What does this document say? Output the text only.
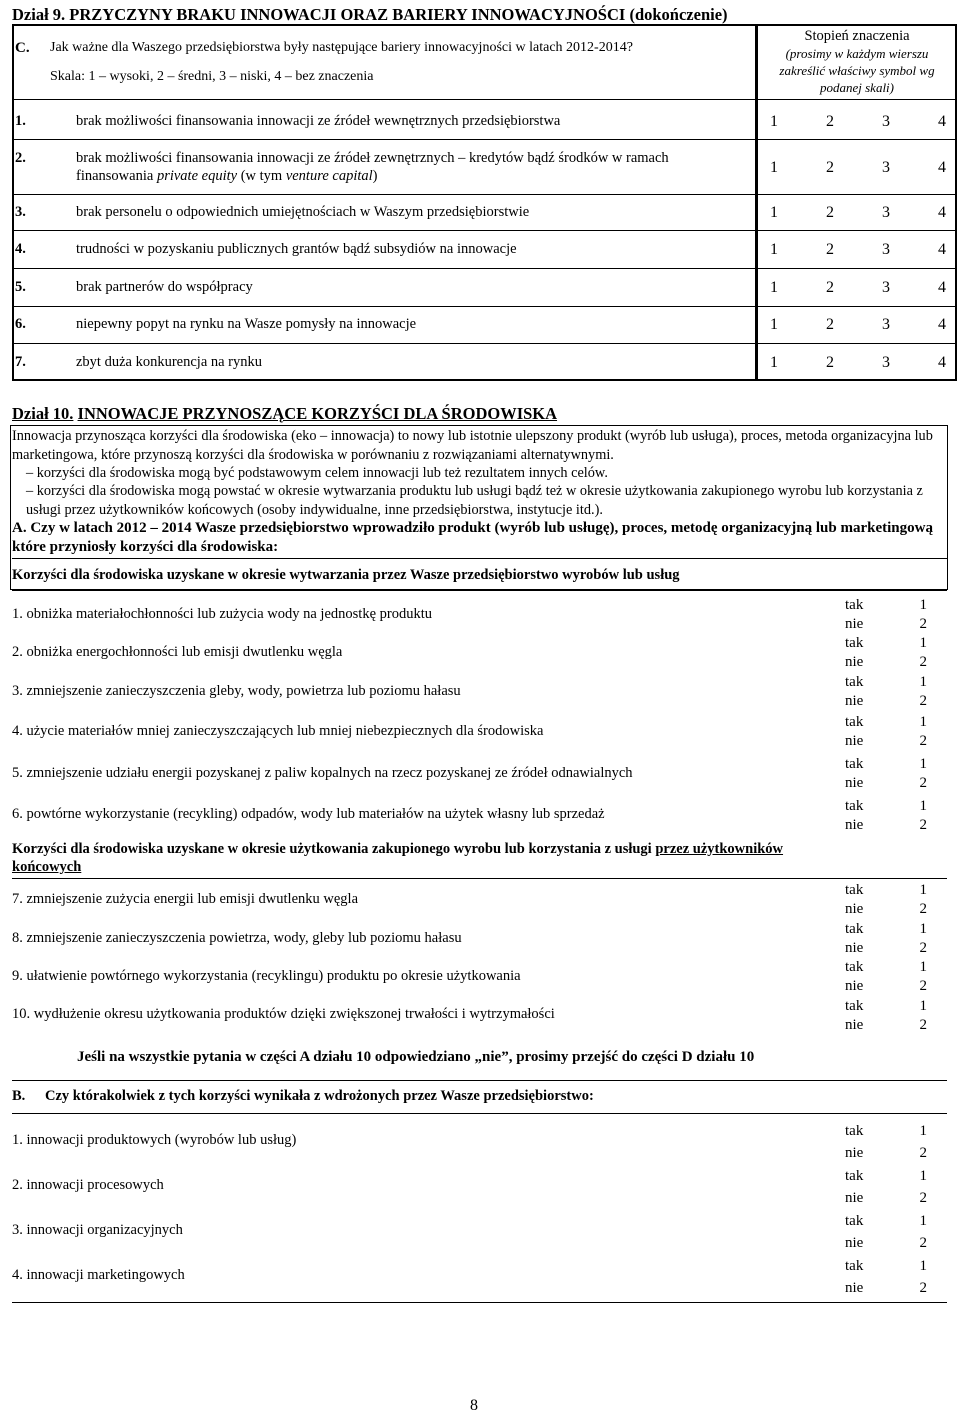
Dział 9. PRZYCZYNY BRAKU INNOWACJI ORAZ BARIERY INNOWACYJNOŚCI (dokończenie)
C. Jak ważne dla Waszego przedsiębiorstwa były następujące bariery innowacyjności w latach 2012-2014?
Skala: 1 – wysoki, 2 – średni, 3 – niski, 4 – bez znaczenia
Stopień znaczenia
(prosimy w każdym wierszu zakreślić właściwy symbol wg podanej skali)
1.	brak możliwości finansowania innowacji ze źródeł wewnętrznych przedsiębiorstwa	1	2	3	4
2.	brak możliwości finansowania innowacji ze źródeł zewnętrznych – kredytów bądź środków w ramach
finansowania private equity (w tym venture capital)	1	2	3	4
3.	brak personelu o odpowiednich umiejętnościach w Waszym przedsiębiorstwie	1	2	3	4
4.	trudności w pozyskaniu publicznych grantów bądź subsydiów na innowacje	1	2	3	4
5.	brak partnerów do współpracy	1	2	3	4
6.	niepewny popyt na rynku na Wasze pomysły na innowacje	1	2	3	4
7.	zbyt duża konkurencja na rynku	1	2	3	4
Dział 10. INNOWACJE PRZYNOSZĄCE KORZYŚCI DLA ŚRODOWISKA
Innowacja przynosząca korzyści dla środowiska (eko – innowacja) to nowy lub istotnie ulepszony produkt (wyrób lub usługa), proces, metoda organizacyjna lub marketingowa, które przynoszą korzyści dla środowiska w porównaniu z rozwiązaniami alternatywnymi.
– korzyści dla środowiska mogą być podstawowym celem innowacji lub też rezultatem innych celów.
– korzyści dla środowiska mogą powstać w okresie wytwarzania produktu lub usługi bądź też w okresie użytkowania zakupionego wyrobu lub korzystania z usługi przez użytkowników końcowych (osoby indywidualne, inne przedsiębiorstwa, instytucje itd.).
A. Czy w latach 2012 – 2014 Wasze przedsiębiorstwo wprowadziło produkt (wyrób lub usługę), proces, metodę organizacyjną lub marketingową które przyniosły korzyści dla środowiska:
Korzyści dla środowiska uzyskane w okresie wytwarzania przez Wasze przedsiębiorstwo wyrobów lub usług
1. obniżka materiałochłonności lub zużycia wody na jednostkę produktu
tak	1
nie	2
2. obniżka energochłonności lub emisji dwutlenku węgla
tak	1
nie	2
3. zmniejszenie zanieczyszczenia gleby, wody, powietrza lub poziomu hałasu
tak	1
nie	2
4. użycie materiałów mniej zanieczyszczających lub mniej niebezpiecznych dla środowiska
tak	1
nie	2
5. zmniejszenie udziału energii pozyskanej z paliw kopalnych na rzecz pozyskanej ze źródeł odnawialnych
tak	1
nie	2
6. powtórne wykorzystanie (recykling) odpadów, wody lub materiałów na użytek własny lub sprzedaż	tak	1
nie	2
Korzyści dla środowiska uzyskane w okresie użytkowania zakupionego wyrobu lub korzystania z usługi przez użytkowników
końcowych
7. zmniejszenie zużycia energii lub emisji dwutlenku węgla
tak	1
nie	2
8. zmniejszenie zanieczyszczenia powietrza, wody, gleby lub poziomu hałasu
tak	1
nie	2
9. ułatwienie powtórnego wykorzystania (recyklingu) produktu po okresie użytkowania
tak	1
nie	2
10. wydłużenie okresu użytkowania produktów dzięki zwiększonej trwałości i wytrzymałości	tak	1
nie	2
Jeśli na wszystkie pytania w części A działu 10 odpowiedziano „nie”, prosimy przejść do części D działu 10
B. Czy którakolwiek z tych korzyści wynikała z wdrożonych przez Wasze przedsiębiorstwo:
1. innowacji produktowych (wyrobów lub usług)
tak	1
nie	2
2. innowacji procesowych
tak	1
nie	2
3. innowacji organizacyjnych
tak	1
nie	2
4. innowacji marketingowych
tak	1
nie	2
8
